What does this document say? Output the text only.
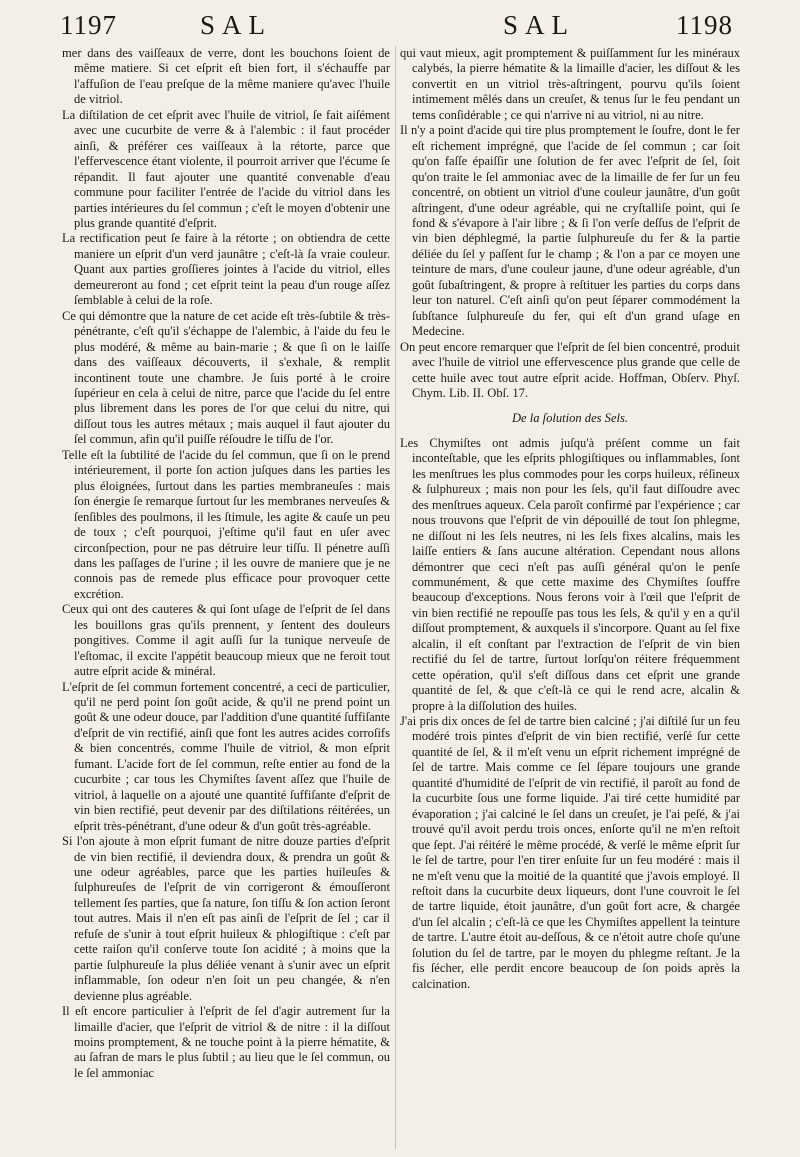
1197	SAL	SAL	1198

mer dans des vaiſſeaux de verre, dont les bouchons ſoient de même matiere. Si cet eſprit eſt bien fort, il s'échauffe par l'affuſion de l'eau preſque de la même maniere qu'avec l'huile de vitriol.

La diſtilation de cet eſprit avec l'huile de vitriol, ſe fait aiſément avec une cucurbite de verre & à l'alembic : il faut procéder ainſi, & préférer ces vaiſſeaux à la rétorte, parce que l'effervescence étant violente, il pourroit arriver que l'écume ſe répandit. Il faut ajouter une quantité convenable d'eau commune pour faciliter l'entrée de l'acide du vitriol dans les parties intérieures du ſel commun ; c'eſt le moyen d'obtenir une plus grande quantité d'eſprit.

La rectification peut ſe faire à la rétorte ; on obtiendra de cette maniere un eſprit d'un verd jaunâtre ; c'eſt-là ſa vraie couleur. Quant aux parties groſſieres jointes à l'acide du vitriol, elles demeureront au fond ; cet eſprit teint la peau d'un rouge aſſez ſemblable à celui de la roſe.

Ce qui démontre que la nature de cet acide eſt très-ſubtile & très-pénétrante, c'eſt qu'il s'échappe de l'alembic, à l'aide du feu le plus modéré, & même au bain-marie ; & que ſi on le laiſſe dans des vaiſſeaux découverts, il s'exhale, & remplit incontinent toute une chambre. Je ſuis porté à le croire ſupérieur en cela à celui de nitre, parce que l'acide du ſel entre plus librement dans les pores de l'or que celui du nitre, qui diſſout tous les autres métaux ; mais auquel il faut ajouter du ſel commun, afin qu'il puiſſe réſoudre le tiſſu de l'or.

Telle eſt la ſubtilité de l'acide du ſel commun, que ſi on le prend intérieurement, il porte ſon action juſques dans les parties les plus éloignées, ſurtout dans les parties membraneuſes : mais ſon énergie ſe remarque ſurtout ſur les membranes nerveuſes & ſenſibles des poulmons, il les ſtimule, les agite & cauſe un peu de toux ; c'eſt pourquoi, j'eſtime qu'il faut en uſer avec circonſpection, pour ne pas détruire leur tiſſu. Il pénetre auſſi dans les paſſages de l'urine ; il les ouvre de maniere que je ne connois pas de remede plus efficace pour provoquer cette excrétion.

Ceux qui ont des cauteres & qui ſont uſage de l'eſprit de ſel dans les bouillons gras qu'ils prennent, y ſentent des douleurs pongitives. Comme il agit auſſi ſur la tunique nerveuſe de l'eſtomac, il excite l'appétit beaucoup mieux que ne feroit tout autre eſprit acide & minéral.

L'eſprit de ſel commun fortement concentré, a ceci de particulier, qu'il ne perd point ſon goût acide, & qu'il ne prend point un goût & une odeur douce, par l'addition d'une quantité ſuffiſante d'eſprit de vin rectifié, ainſi que font les autres acides corroſifs & bien concentrés, comme l'huile de vitriol, & mon eſprit fumant. L'acide fort de ſel commun, reſte entier au fond de la cucurbite ; car tous les Chymiſtes ſavent aſſez que l'huile de vitriol, à laquelle on a ajouté une quantité ſuffiſante d'eſprit de vin bien rectifié, peut devenir par des diſtilations réitérées, un eſprit très-pénétrant, d'une odeur & d'un goût très-agréable.

Si l'on ajoute à mon eſprit fumant de nitre douze parties d'eſprit de vin bien rectifié, il deviendra doux, & prendra un goût & une odeur agréables, parce que les parties huileuſes & ſulphureuſes de l'eſprit de vin corrigeront & émouſſeront tellement ſes parties, que ſa nature, ſon tiſſu & ſon action ſeront tout autres. Mais il n'en eſt pas ainſi de l'eſprit de ſel ; car il refuſe de s'unir à tout eſprit huileux & phlogiſtique : c'eſt par cette raiſon qu'il conſerve toute ſon acidité ; à moins que la partie ſulphureuſe la plus déliée venant à s'unir avec un eſprit inflammable, ſon odeur n'en ſoit un peu changée, & n'en devienne plus agréable.

Il eſt encore particulier à l'eſprit de ſel d'agir autrement ſur la limaille d'acier, que l'eſprit de vitriol & de nitre : il la diſſout moins promptement, & ne touche point à la pierre hématite, & au ſafran de mars le plus ſubtil ; au lieu que le ſel commun, ou le ſel ammoniac

qui vaut mieux, agit promptement & puiſſamment ſur les minéraux calybés, la pierre hématite & la limaille d'acier, les diſſout & les convertit en un vitriol très-aſtringent, pourvu qu'ils ſoient intimement mêlés dans un creuſet, & tenus ſur le feu pendant un tems conſidérable ; ce qui n'arrive ni au vitriol, ni au nitre.

Il n'y a point d'acide qui tire plus promptement le ſoufre, dont le fer eſt richement imprégné, que l'acide de ſel commun ; car ſoit qu'on faſſe épaiſſir une ſolution de fer avec l'eſprit de ſel, ſoit qu'on traite le ſel ammoniac avec de la limaille de fer ſur un feu concentré, on obtient un vitriol d'une couleur jaunâtre, d'un goût aſtringent, d'une odeur agréable, qui ne cryſtalliſe point, qui ſe fond & s'évapore à l'air libre ; & ſi l'on verſe deſſus de l'eſprit de vin bien déphlegmé, la partie ſulphureuſe du fer & la partie déliée du ſel y paſſent ſur le champ ; & l'on a par ce moyen une teinture de mars, d'une couleur jaune, d'une odeur agréable, d'un goût ſubaſtringent, & propre à reſtituer les parties du corps dans leur ton naturel. C'eſt ainſi qu'on peut ſéparer commodément la ſubſtance ſulphureuſe du fer, qui eſt d'un grand uſage en Medecine.

On peut encore remarquer que l'eſprit de ſel bien concentré, produit avec l'huile de vitriol une effervescence plus grande que celle de cette huile avec tout autre eſprit acide. Hoffman, Obſerv. Phyſ. Chym. Lib. II. Obſ. 17.

De la ſolution des Sels.

Les Chymiſtes ont admis juſqu'à préſent comme un fait inconteſtable, que les eſprits phlogiſtiques ou inflammables, ſont les menſtrues les plus commodes pour les corps huileux, réſineux & ſulphureux ; mais non pour les ſels, qu'il faut diſſoudre avec des menſtrues aqueux. Cela paroît confirmé par l'expérience ; car nous trouvons que l'eſprit de vin dépouillé de tout ſon phlegme, ne diſſout ni les ſels neutres, ni les ſels fixes alcalins, mais les laiſſe entiers & ſans aucune altération. Cependant nous allons démontrer que ceci n'eſt pas auſſi général qu'on le penſe communément, & que cette maxime des Chymiſtes ſouffre beaucoup d'exceptions. Nous ferons voir à l'œil que l'eſprit de vin bien rectifié ne repouſſe pas tous les ſels, & qu'il y en a qu'il diſſout promptement, & auxquels il s'incorpore. Quant au ſel fixe alcalin, il eſt conſtant par l'extraction de l'eſprit de vin bien rectifié du ſel de tartre, ſurtout lorſqu'on réitere fréquemment cette opération, qu'il s'eſt diſſous dans cet eſprit une grande quantité de ſel, & que c'eſt-là ce qui le rend acre, alcalin & propre à la diſſolution des huiles.

J'ai pris dix onces de ſel de tartre bien calciné ; j'ai diſtilé ſur un feu modéré trois pintes d'eſprit de vin bien rectifié, verſé ſur cette quantité de ſel, & il m'eſt venu un eſprit richement imprégné de ſel de tartre. Mais comme ce ſel ſépare toujours une grande quantité d'humidité de l'eſprit de vin rectifié, il paroît au fond de la cucurbite ſous une forme liquide. J'ai tiré cette humidité par évaporation ; j'ai calciné le ſel dans un creuſet, je l'ai peſé, & j'ai trouvé qu'il avoit perdu trois onces, enſorte qu'il ne m'en reſtoit que ſept. J'ai réitéré le même procédé, & verſé le même eſprit ſur le ſel de tartre, pour l'en tirer enſuite ſur un feu modéré : mais il ne m'eſt venu que la moitié de la quantité que j'avois employé. Il reſtoit dans la cucurbite deux liqueurs, dont l'une couvroit le ſel de tartre liquide, étoit jaunâtre, d'un goût fort acre, & chargée d'un ſel alcalin ; c'eſt-là ce que les Chymiſtes appellent la teinture de tartre. L'autre étoit au-deſſous, & ce n'étoit autre choſe qu'une ſolution du ſel de tartre, par le moyen du phlegme reſtant. Je la fis ſécher, elle perdit encore beaucoup de ſon poids après la calcination.
